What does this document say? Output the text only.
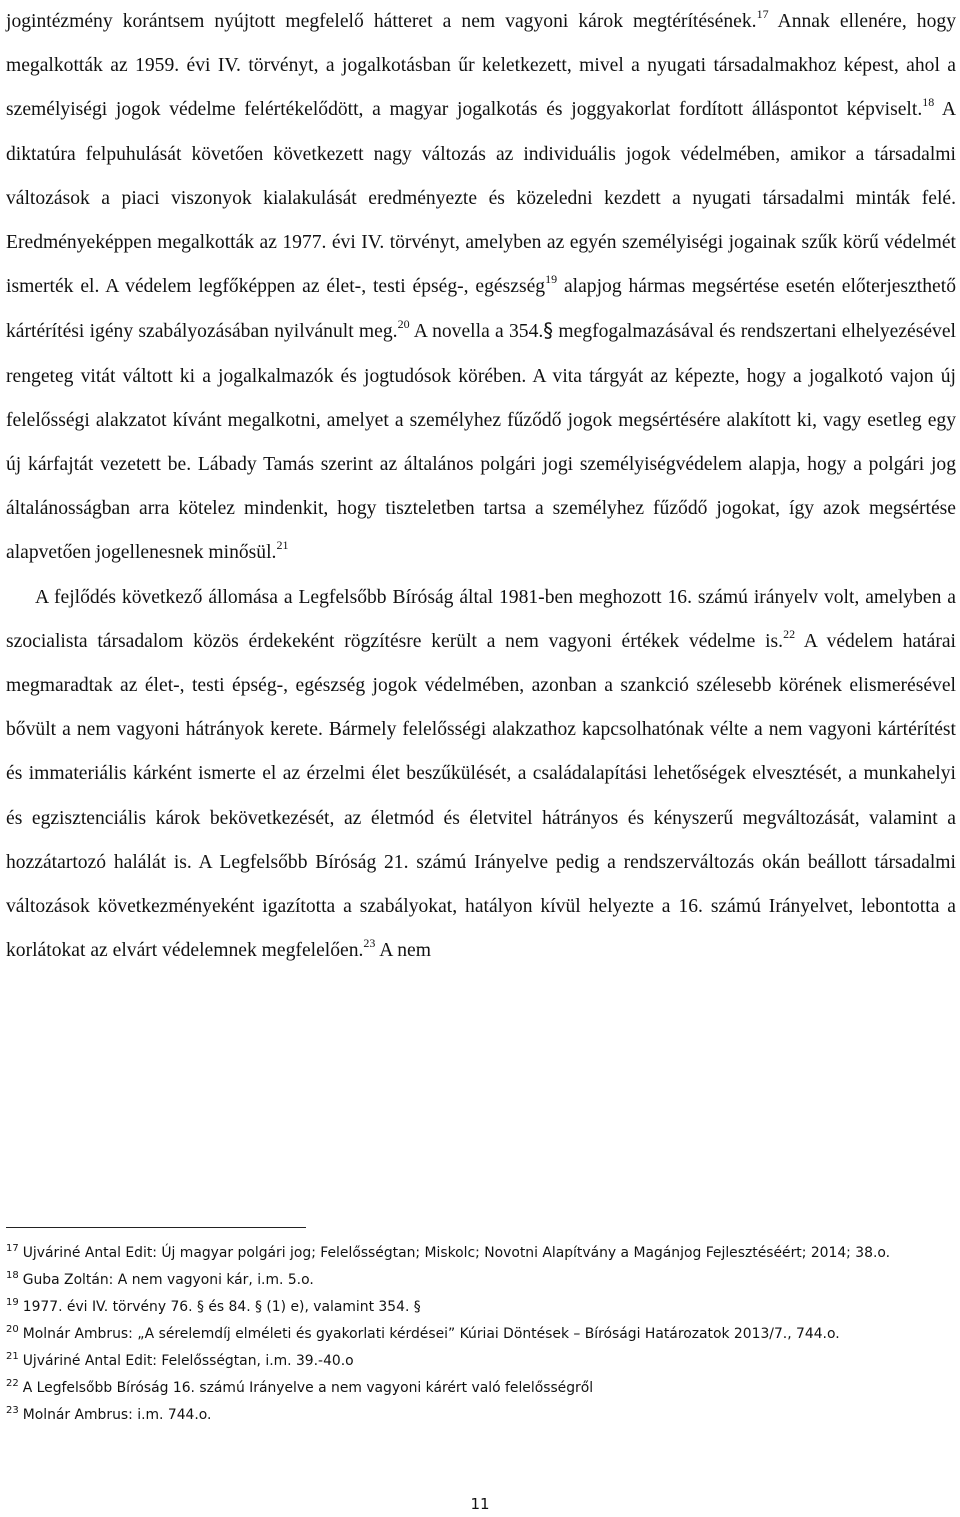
jogintézmény korántsem nyújtott megfelelő hátteret a nem vagyoni károk megtérítésének.$^{17}$ Annak ellenére, hogy megalkották az 1959. évi IV. törvényt, a jogalkotásban űr keletkezett, mivel a nyugati társadalmakhoz képest, ahol a személyiségi jogok védelme felértékelődött, a magyar jogalkotás és joggyakorlat fordított álláspontot képviselt.$^{18}$ A diktatúra felpuhulását követően következett nagy változás az individuális jogok védelmében, amikor a társadalmi változások a piaci viszonyok kialakulását eredményezte és közeledni kezdett a nyugati társadalmi minták felé. Eredményeképpen megalkották az 1977. évi IV. törvényt, amelyben az egyén személyiségi jogainak szűk körű védelmét ismerték el. A védelem legfőképpen az élet-, testi épség-, egészség$^{19}$ alapjog hármas megsértése esetén előterjeszthető kártérítési igény szabályozásában nyilvánult meg.$^{20}$ A novella a 354.§ megfogalmazásával és rendszertani elhelyezésével rengeteg vitát váltott ki a jogalkalmazók és jogtudósok körében. A vita tárgyát az képezte, hogy a jogalkotó vajon új felelősségi alakzatot kívánt megalkotni, amelyet a személyhez fűződő jogok megsértésére alakított ki, vagy esetleg egy új kárfajtát vezetett be. Lábady Tamás szerint az általános polgári jogi személyiségvédelem alapja, hogy a polgári jog általánosságban arra kötelez mindenkit, hogy tiszteletben tartsa a személyhez fűződő jogokat, így azok megsértése alapvetően jogellenesnek minősül.$^{21}$

A fejlődés következő állomása a Legfelsőbb Bíróság által 1981-ben meghozott 16. számú irányelv volt, amelyben a szocialista társadalom közös érdekeként rögzítésre került a nem vagyoni értékek védelme is.$^{22}$ A védelem határai megmaradtak az élet-, testi épség-, egészség jogok védelmében, azonban a szankció szélesebb körének elismerésével bővült a nem vagyoni hátrányok kerete. Bármely felelősségi alakzathoz kapcsolhatónak vélte a nem vagyoni kártérítést és immateriális kárként ismerte el az érzelmi élet beszűkülését, a családalapítási lehetőségek elvesztését, a munkahelyi és egzisztenciális károk bekövetkezését, az életmód és életvitel hátrányos és kényszerű megváltozását, valamint a hozzátartozó halálát is. A Legfelsőbb Bíróság 21. számú Irányelve pedig a rendszerváltozás okán beállott társadalmi változások következményeként igazította a szabályokat, hatályon kívül helyezte a 16. számú Irányelvet, lebontotta a korlátokat az elvárt védelemnek megfelelően.$^{23}$ A nem

$^{17}$ Ujváriné Antal Edit: Új magyar polgári jog; Felelősségtan; Miskolc; Novotni Alapítvány a Magánjog Fejlesztéséért; 2014; 38.o.

$^{18}$ Guba Zoltán: A nem vagyoni kár, i.m. 5.o.

$^{19}$ 1977. évi IV. törvény 76. § és 84. § (1) e), valamint 354. §

$^{20}$ Molnár Ambrus: „A sérelemdíj elméleti és gyakorlati kérdései” Kúriai Döntések – Bírósági Határozatok 2013/7., 744.o.

$^{21}$ Ujváriné Antal Edit: Felelősségtan, i.m. 39.-40.o

$^{22}$ A Legfelsőbb Bíróság 16. számú Irányelve a nem vagyoni kárért való felelősségről

$^{23}$ Molnár Ambrus: i.m. 744.o.

11
